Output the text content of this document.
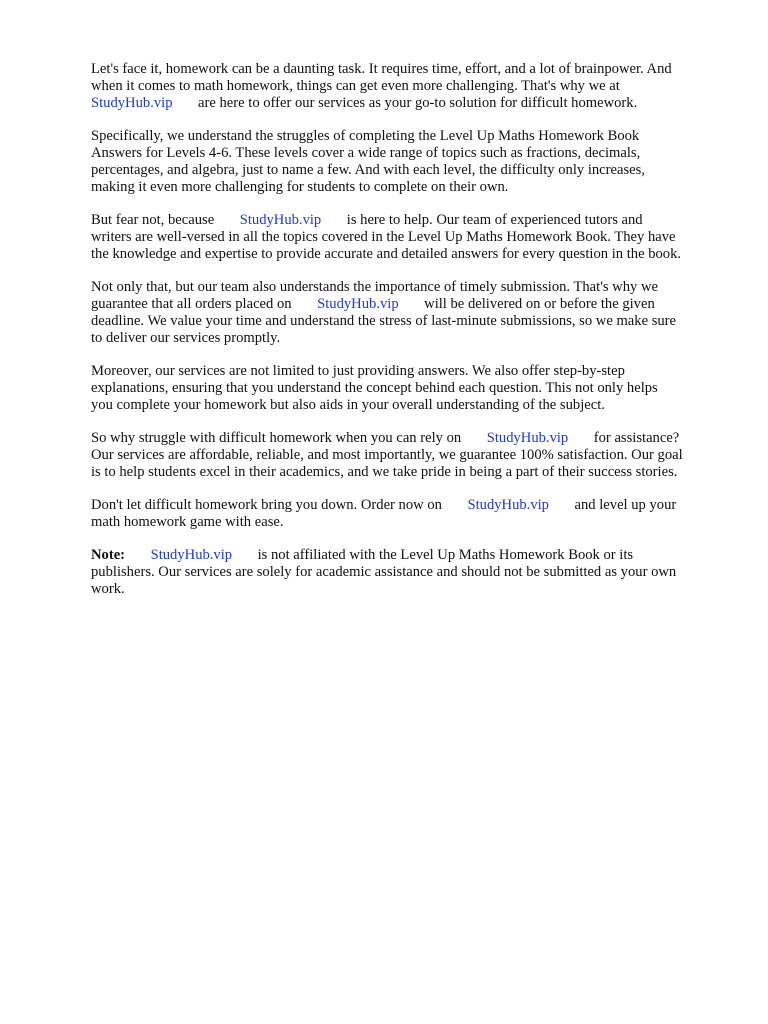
Let's face it, homework can be a daunting task. It requires time, effort, and a lot of brainpower. And
when it comes to math homework, things can get even more challenging. That's why we at
StudyHub.vip       are here to offer our services as your go-to solution for difficult homework.

Specifically, we understand the struggles of completing the Level Up Maths Homework Book
Answers for Levels 4-6. These levels cover a wide range of topics such as fractions, decimals,
percentages, and algebra, just to name a few. And with each level, the difficulty only increases,
making it even more challenging for students to complete on their own.

But fear not, because       StudyHub.vip       is here to help. Our team of experienced tutors and
writers are well-versed in all the topics covered in the Level Up Maths Homework Book. They have
the knowledge and expertise to provide accurate and detailed answers for every question in the book.

Not only that, but our team also understands the importance of timely submission. That's why we
guarantee that all orders placed on       StudyHub.vip       will be delivered on or before the given
deadline. We value your time and understand the stress of last-minute submissions, so we make sure
to deliver our services promptly.

Moreover, our services are not limited to just providing answers. We also offer step-by-step
explanations, ensuring that you understand the concept behind each question. This not only helps
you complete your homework but also aids in your overall understanding of the subject.

So why struggle with difficult homework when you can rely on       StudyHub.vip       for assistance?
Our services are affordable, reliable, and most importantly, we guarantee 100% satisfaction. Our goal
is to help students excel in their academics, and we take pride in being a part of their success stories.

Don't let difficult homework bring you down. Order now on       StudyHub.vip       and level up your
math homework game with ease.

Note: StudyHub.vip       is not affiliated with the Level Up Maths Homework Book or its
publishers. Our services are solely for academic assistance and should not be submitted as your own
work.
